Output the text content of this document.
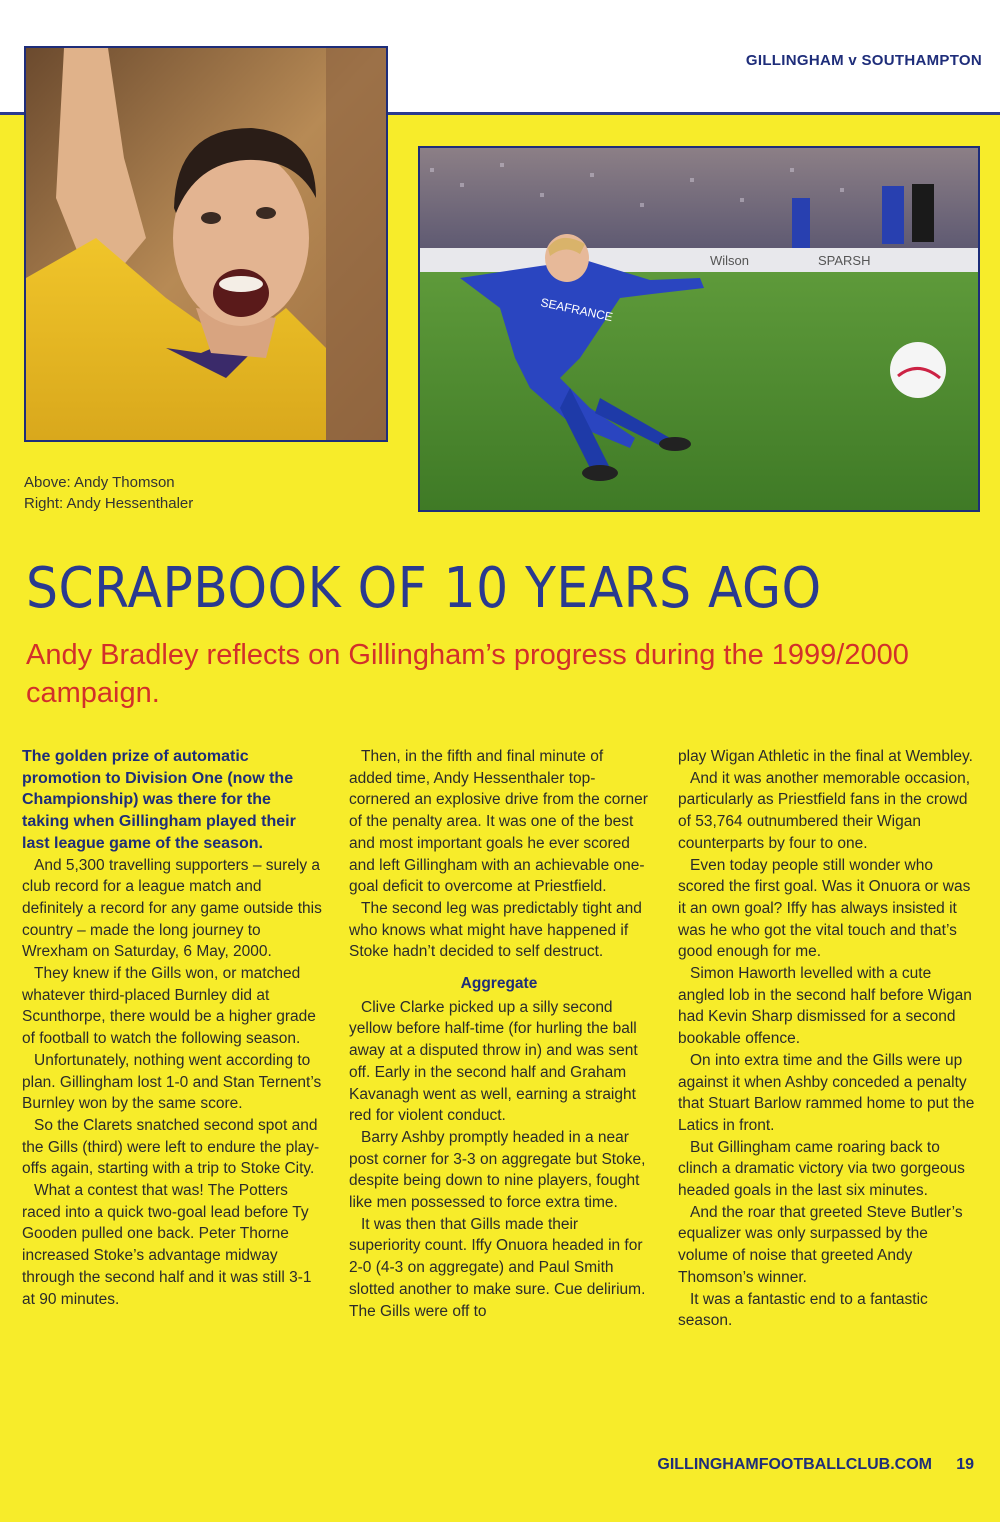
GILLINGHAM v SOUTHAMPTON
Wilson	SPARSH
SEAFRANCE
Above: Andy Thomson
Right: Andy Hessenthaler
SCRAPBOOK OF 10 YEARS AGO
Andy Bradley reflects on Gillingham’s progress during the 1999/2000 campaign.

The golden prize of automatic promotion to Division One (now the Championship) was there for the taking when Gillingham played their last league game of the season.

And 5,300 travelling supporters – surely a club record for a league match and definitely a record for any game outside this country – made the long journey to Wrexham on Saturday, 6 May, 2000.

They knew if the Gills won, or matched whatever third-placed Burnley did at Scunthorpe, there would be a higher grade of football to watch the following season.

Unfortunately, nothing went according to plan. Gillingham lost 1-0 and Stan Ternent’s Burnley won by the same score.

So the Clarets snatched second spot and the Gills (third) were left to endure the play-offs again, starting with a trip to Stoke City.

What a contest that was! The Potters raced into a quick two-goal lead before Ty Gooden pulled one back. Peter Thorne increased Stoke’s advantage midway through the second half and it was still 3-1 at 90 minutes.

Then, in the fifth and final minute of added time, Andy Hessenthaler top-cornered an explosive drive from the corner of the penalty area. It was one of the best and most important goals he ever scored and left Gillingham with an achievable one-goal deficit to overcome at Priestfield.

The second leg was predictably tight and who knows what might have happened if Stoke hadn’t decided to self destruct.

Aggregate

Clive Clarke picked up a silly second yellow before half-time (for hurling the ball away at a disputed throw in) and was sent off. Early in the second half and Graham Kavanagh went as well, earning a straight red for violent conduct.

Barry Ashby promptly headed in a near post corner for 3-3 on aggregate but Stoke, despite being down to nine players, fought like men possessed to force extra time.

It was then that Gills made their superiority count. Iffy Onuora headed in for 2-0 (4-3 on aggregate) and Paul Smith slotted another to make sure. Cue delirium. The Gills were off to

play Wigan Athletic in the final at Wembley.

And it was another memorable occasion, particularly as Priestfield fans in the crowd of 53,764 outnumbered their Wigan counterparts by four to one.

Even today people still wonder who scored the first goal. Was it Onuora or was it an own goal? Iffy has always insisted it was he who got the vital touch and that’s good enough for me.

Simon Haworth levelled with a cute angled lob in the second half before Wigan had Kevin Sharp dismissed for a second bookable offence.

On into extra time and the Gills were up against it when Ashby conceded a penalty that Stuart Barlow rammed home to put the Latics in front.

But Gillingham came roaring back to clinch a dramatic victory via two gorgeous headed goals in the last six minutes.

And the roar that greeted Steve Butler’s equalizer was only surpassed by the volume of noise that greeted Andy Thomson’s winner.

It was a fantastic end to a fantastic season.

GILLINGHAMFOOTBALLCLUB.COM 19
